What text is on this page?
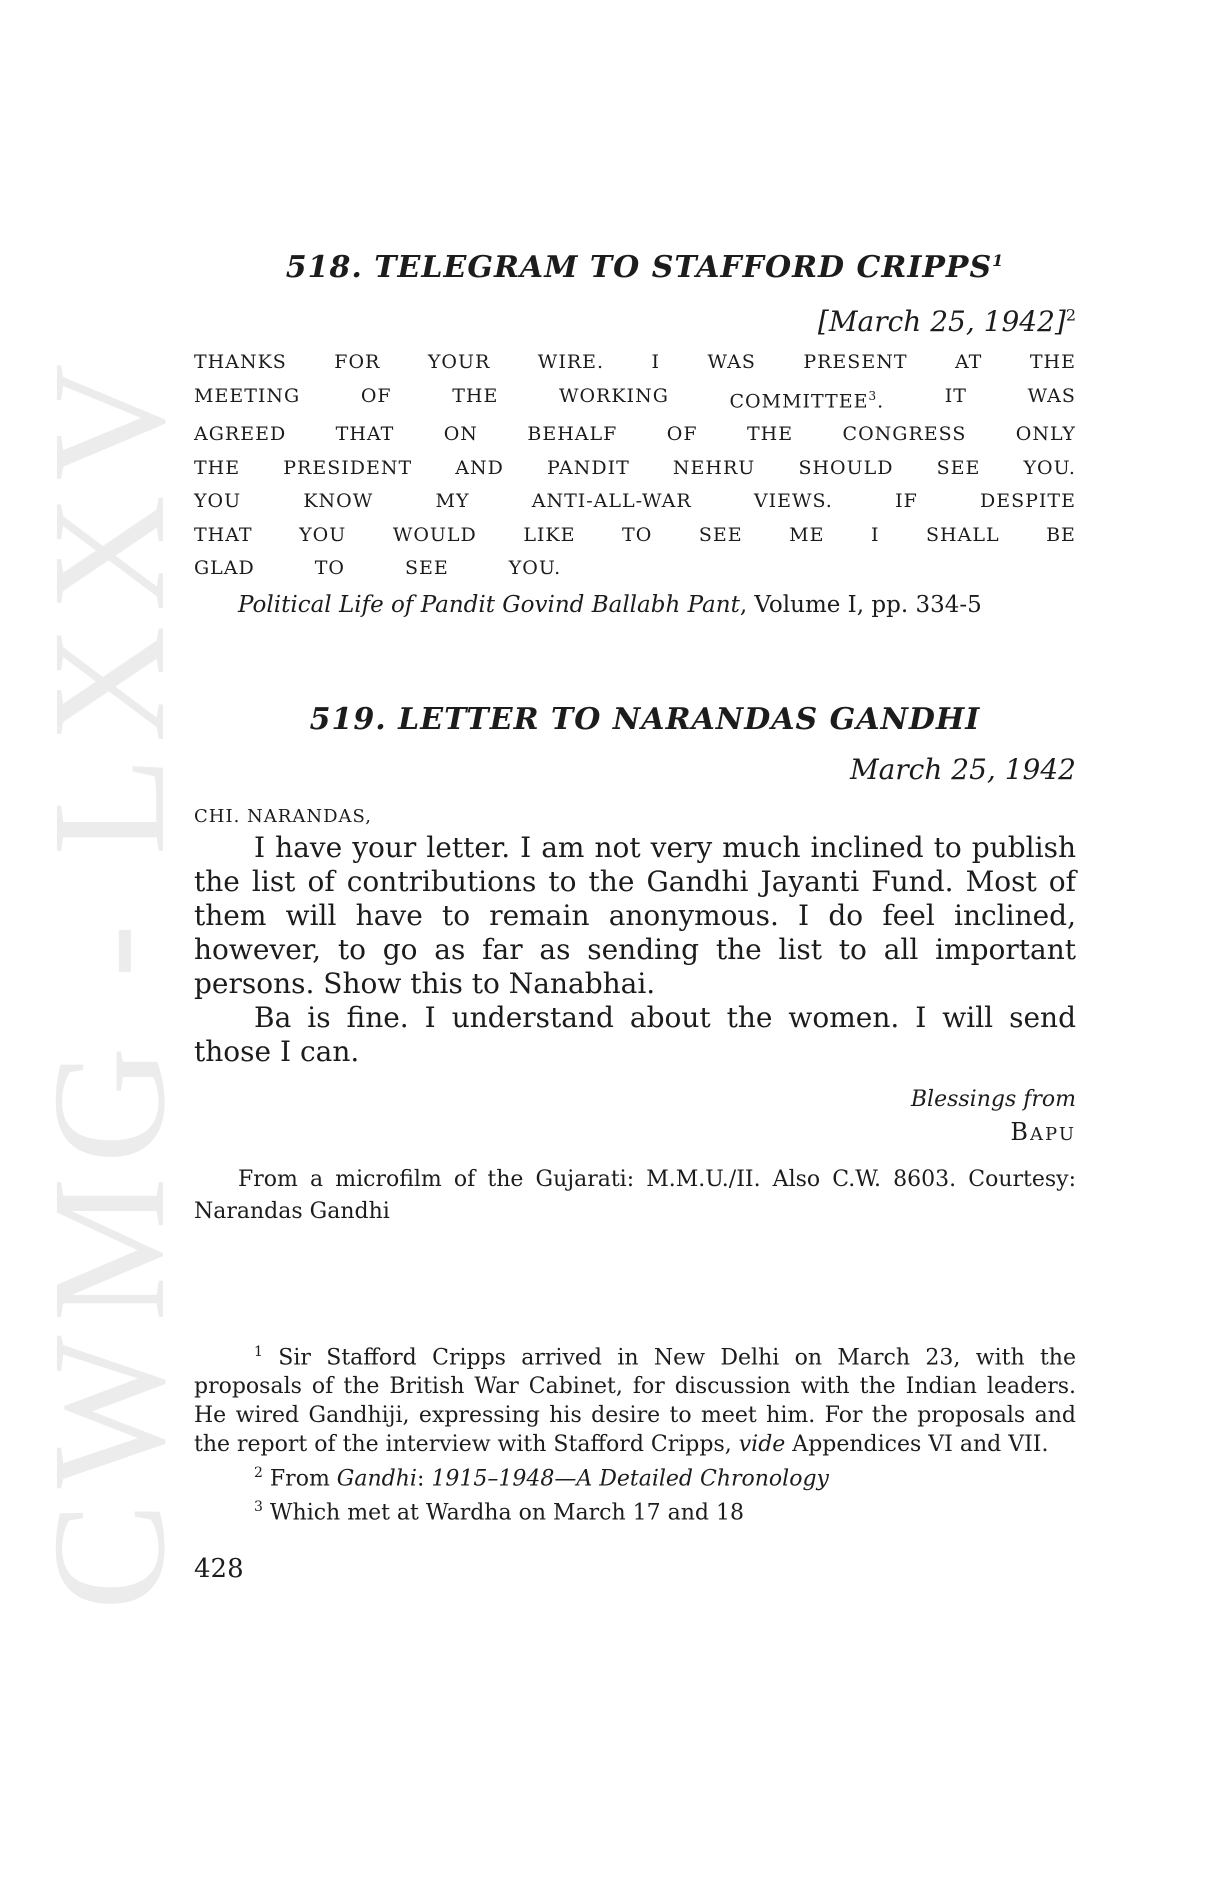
CWMG - LXXV
518. TELEGRAM TO STAFFORD CRIPPS$^1$
[March 25, 1942]$^2$
THANKS FOR YOUR WIRE. I WAS PRESENT AT THE
MEETING	OF	THE	WORKING	COMMITTEE$^3$.	IT	WAS
AGREED	THAT	ON	BEHALF	OF	THE	CONGRESS	ONLY
THE PRESIDENT AND PANDIT NEHRU SHOULD SEE YOU.
YOU	KNOW	MY	ANTI-ALL-WAR	VIEWS.	IF	DESPITE
THAT YOU WOULD LIKE TO SEE ME I SHALL BE
GLAD	TO	SEE	YOU.
Political Life of Pandit Govind Ballabh Pant, Volume I, pp. 334-5
519. LETTER TO NARANDAS GANDHI
March 25, 1942
CHI. NARANDAS,

I have your letter. I am not very much inclined to publish the list of contributions to the Gandhi Jayanti Fund. Most of them will have to remain anonymous. I do feel inclined, however, to go as far as sending the list to all important persons. Show this to Nanabhai.

Ba is fine. I understand about the women. I will send those I can.

Blessings from
BAPU

From a microfilm of the Gujarati: M.M.U./II. Also C.W. 8603. Courtesy: Narandas Gandhi

$^1$ Sir Stafford Cripps arrived in New Delhi on March 23, with the proposals of the British War Cabinet, for discussion with the Indian leaders. He wired Gandhiji, expressing his desire to meet him. For the proposals and the report of the interview with Stafford Cripps, vide Appendices VI and VII.

$^2$ From Gandhi: 1915–1948—A Detailed Chronology

$^3$ Which met at Wardha on March 17 and 18

428
